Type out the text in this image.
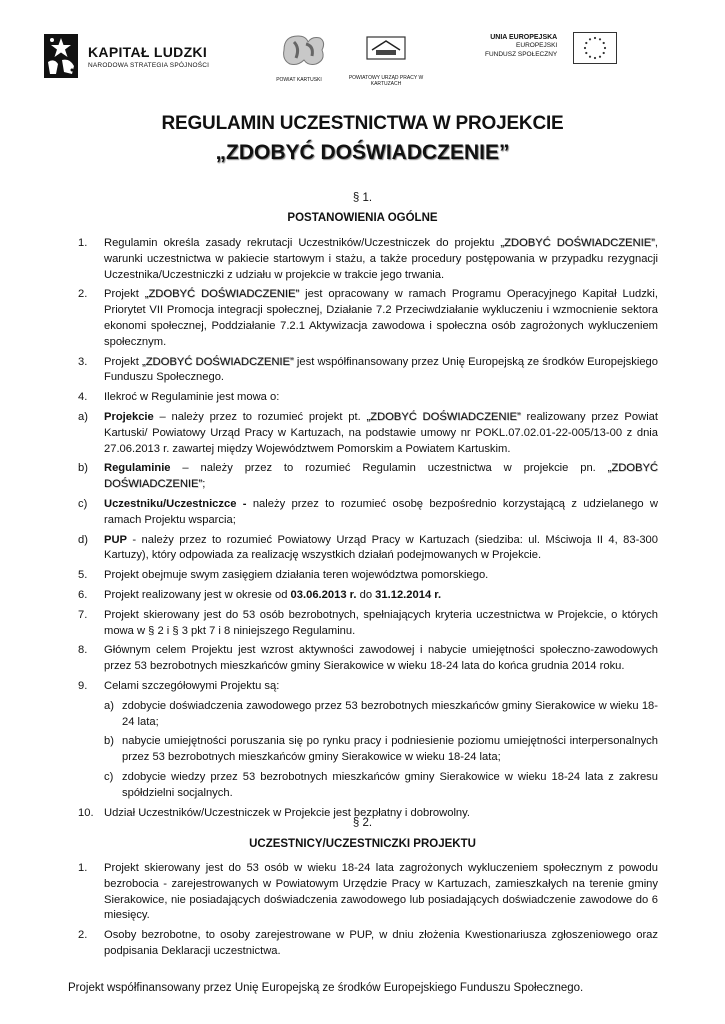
KAPITAŁ LUDZKI
NARODOWA STRATEGIA SPÓJNOŚCI
POWIAT KARTUSKI	POWIATOWY URZĄD PRACY W KARTUZACH
UNIA EUROPEJSKA
EUROPEJSKI
FUNDUSZ SPOŁECZNY
REGULAMIN UCZESTNICTWA W PROJEKCIE
„ZDOBYĆ DOŚWIADCZENIE”
§ 1.
POSTANOWIENIA OGÓLNE
1.	Regulamin określa zasady rekrutacji Uczestników/Uczestniczek do projektu „ZDOBYĆ DOŚWIADCZENIE”, warunki uczestnictwa w pakiecie startowym i stażu, a także procedury postępowania w przypadku rezygnacji Uczestnika/Uczestniczki z udziału w projekcie w trakcie jego trwania.
2.	Projekt „ZDOBYĆ DOŚWIADCZENIE” jest opracowany w ramach Programu Operacyjnego Kapitał Ludzki, Priorytet VII Promocja integracji społecznej, Działanie 7.2 Przeciwdziałanie wykluczeniu i wzmocnienie sektora ekonomi społecznej, Poddziałanie 7.2.1 Aktywizacja zawodowa i społeczna osób zagrożonych wykluczeniem społecznym.
3.	Projekt „ZDOBYĆ DOŚWIADCZENIE” jest współfinansowany przez Unię Europejską ze środków Europejskiego Funduszu Społecznego.
4.	Ilekroć w Regulaminie jest mowa o:
a)	Projekcie – należy przez to rozumieć projekt pt. „ZDOBYĆ DOŚWIADCZENIE” realizowany przez Powiat Kartuski/ Powiatowy Urząd Pracy w Kartuzach, na podstawie umowy nr POKL.07.02.01-22-005/13-00 z dnia 27.06.2013 r. zawartej między Województwem Pomorskim a Powiatem Kartuskim.
b)	Regulaminie – należy przez to rozumieć Regulamin uczestnictwa w projekcie pn. „ZDOBYĆ DOŚWIADCZENIE”;
c)	Uczestniku/Uczestniczce - należy przez to rozumieć osobę bezpośrednio korzystającą z udzielanego w ramach Projektu wsparcia;
d)	PUP - należy przez to rozumieć Powiatowy Urząd Pracy w Kartuzach (siedziba: ul. Mściwoja II 4, 83-300 Kartuzy), który odpowiada za realizację wszystkich działań podejmowanych w Projekcie.
5.	Projekt obejmuje swym zasięgiem działania teren województwa pomorskiego.
6.	Projekt realizowany jest w okresie od 03.06.2013 r. do 31.12.2014 r.
7.	Projekt skierowany jest do 53 osób bezrobotnych, spełniających kryteria uczestnictwa w Projekcie, o których mowa w § 2 i § 3 pkt 7 i 8 niniejszego Regulaminu.
8.	Głównym celem Projektu jest wzrost aktywności zawodowej i nabycie umiejętności społeczno-zawodowych przez 53 bezrobotnych mieszkańców gminy Sierakowice w wieku 18-24 lata do końca grudnia 2014 roku.
9.	Celami szczegółowymi Projektu są:
a) zdobycie doświadczenia zawodowego przez 53 bezrobotnych mieszkańców gminy Sierakowice w wieku 18-24 lata;
b) nabycie umiejętności poruszania się po rynku pracy i podniesienie poziomu umiejętności interpersonalnych przez 53 bezrobotnych mieszkańców gminy Sierakowice w wieku 18-24 lata;
c) zdobycie wiedzy przez 53 bezrobotnych mieszkańców gminy Sierakowice w wieku 18-24 lata z zakresu spółdzielni socjalnych.
10. Udział Uczestników/Uczestniczek w Projekcie jest bezpłatny i dobrowolny.
§ 2.
UCZESTNICY/UCZESTNICZKI PROJEKTU
1.	Projekt skierowany jest do 53 osób w wieku 18-24 lata zagrożonych wykluczeniem społecznym z powodu bezrobocia - zarejestrowanych w Powiatowym Urzędzie Pracy w Kartuzach, zamieszkałych na terenie gminy Sierakowice, nie posiadających doświadczenia zawodowego lub posiadających doświadczenie zawodowe do 6 miesięcy.
2.	Osoby bezrobotne, to osoby zarejestrowane w PUP, w dniu złożenia Kwestionariusza zgłoszeniowego oraz podpisania Deklaracji uczestnictwa.
Projekt współfinansowany przez Unię Europejską ze środków Europejskiego Funduszu Społecznego.
